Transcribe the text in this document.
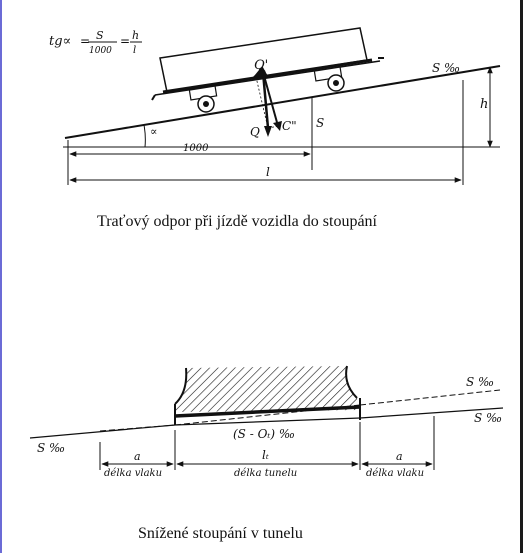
tg∝ = S
1000
= h
l
∝
Q'
Q C" S
S ‰
h
1000
l
S ‰
S ‰
S ‰
(S - Oₜ) ‰
a	lₜ	a
délka vlaku	délka tunelu	délka vlaku
Traťový odpor při jízdě vozidla do stoupání
Snížené stoupání v tunelu
